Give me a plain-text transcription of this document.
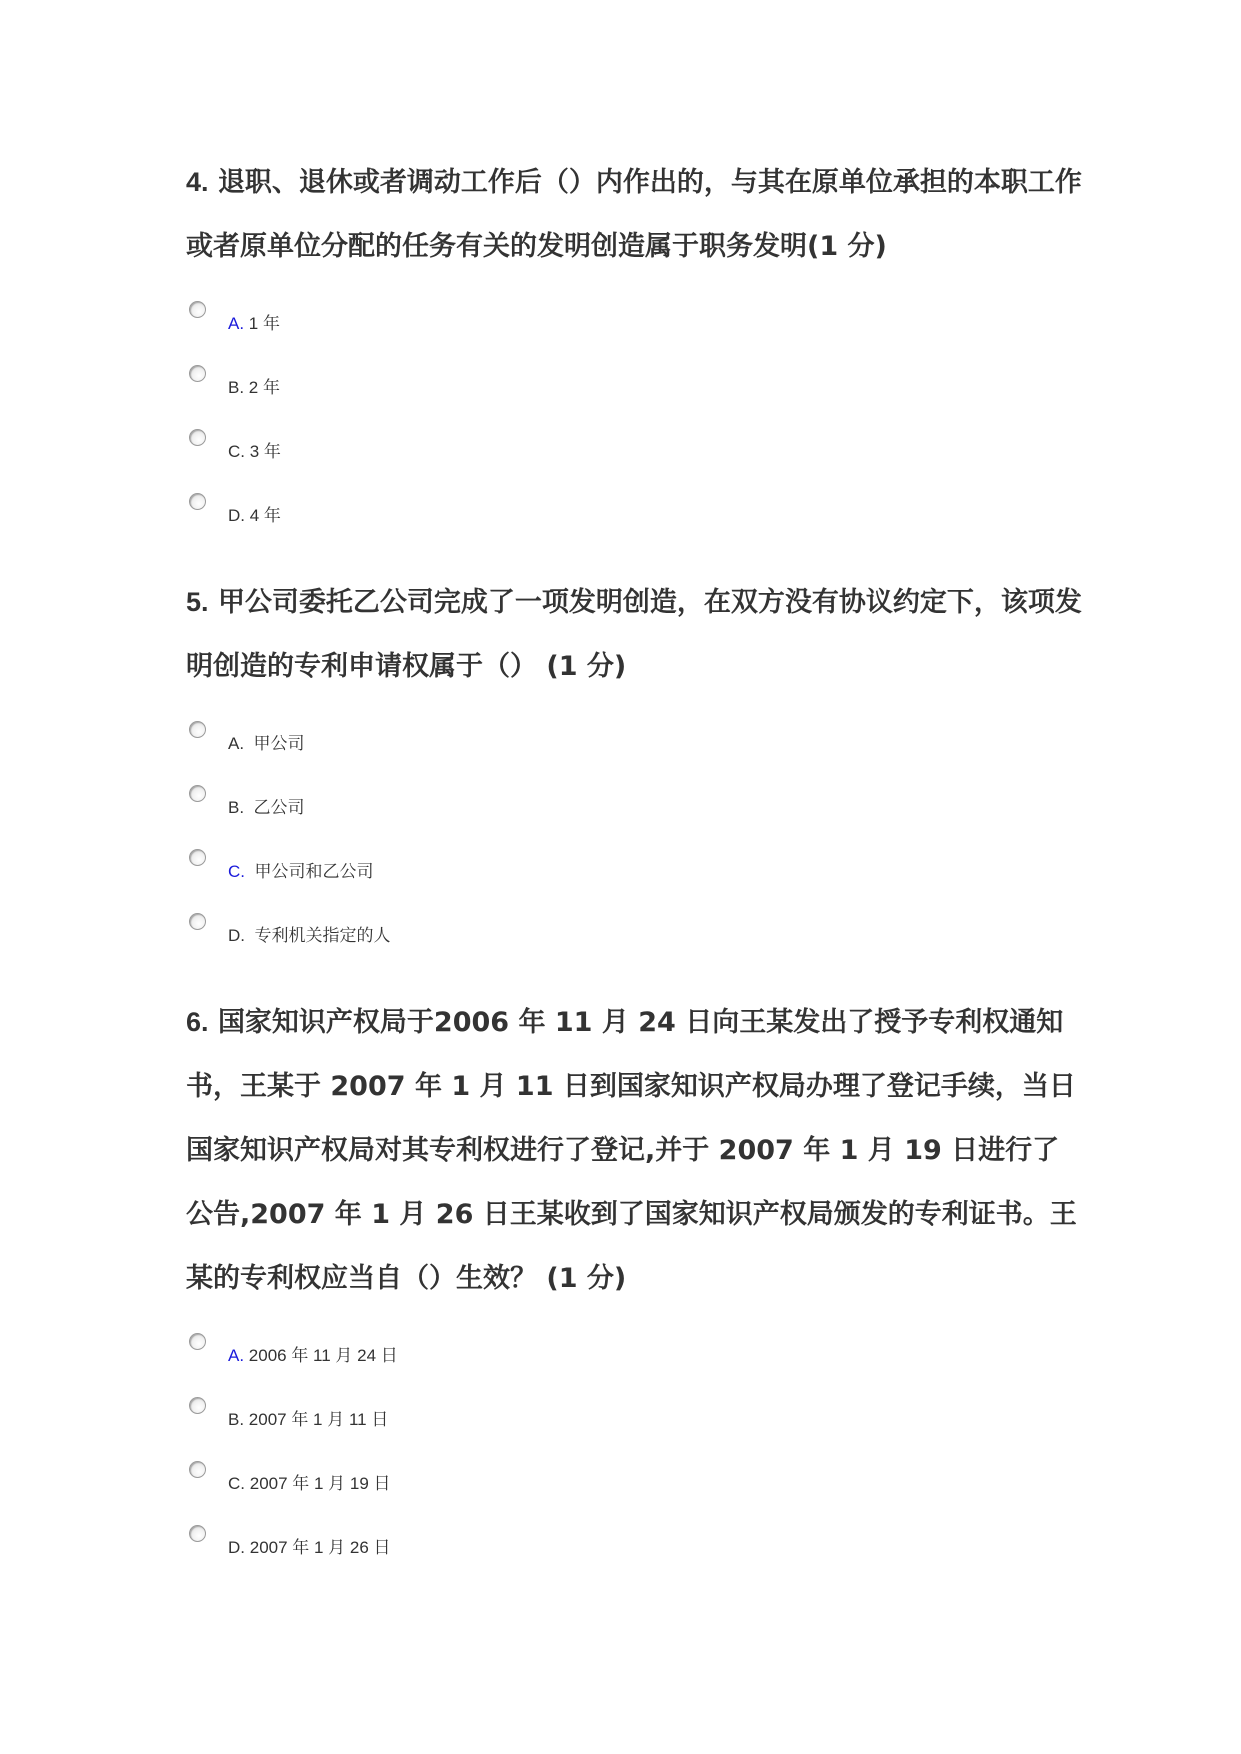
4. 退职、退休或者调动工作后（）内作出的，与其在原单位承担的本职工作或者原单位分配的任务有关的发明创造属于职务发明(1 分)

A. 1 年
B. 2 年
C. 3 年
D. 4 年

5. 甲公司委托乙公司完成了一项发明创造，在双方没有协议约定下，该项发明创造的专利申请权属于（） (1 分)

A. 甲公司
B. 乙公司
C. 甲公司和乙公司
D. 专利机关指定的人

6. 国家知识产权局于2006 年 11 月 24 日向王某发出了授予专利权通知书，王某于 2007 年 1 月 11 日到国家知识产权局办理了登记手续，当日国家知识产权局对其专利权进行了登记,并于 2007 年 1 月 19 日进行了公告,2007 年 1 月 26 日王某收到了国家知识产权局颁发的专利证书。王某的专利权应当自（）生效？ (1 分)

A. 2006 年 11 月 24 日
B. 2007 年 1 月 11 日
C. 2007 年 1 月 19 日
D. 2007 年 1 月 26 日
